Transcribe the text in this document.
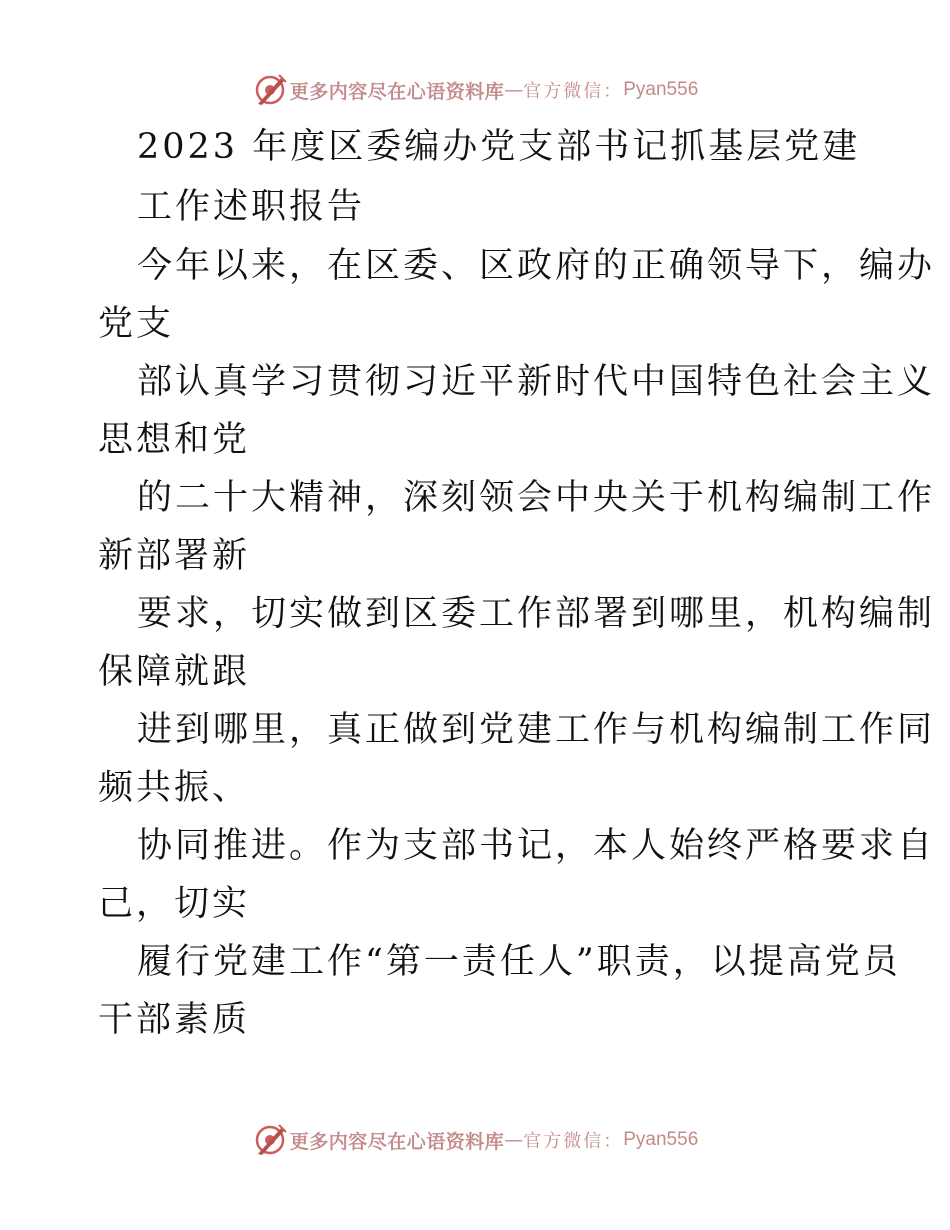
更多内容尽在心语资料库 — 官方微信： Pyan556
2023 年度区委编办党支部书记抓基层党建
工作述职报告
今年以来，在区委、区政府的正确领导下，编办
党支
部认真学习贯彻习近平新时代中国特色社会主义
思想和党
的二十大精神，深刻领会中央关于机构编制工作
新部署新
要求，切实做到区委工作部署到哪里，机构编制
保障就跟
进到哪里，真正做到党建工作与机构编制工作同
频共振、
协同推进。作为支部书记，本人始终严格要求自
己，切实
履行党建工作“第一责任人”职责，以提高党员
干部素质
更多内容尽在心语资料库 — 官方微信： Pyan556
